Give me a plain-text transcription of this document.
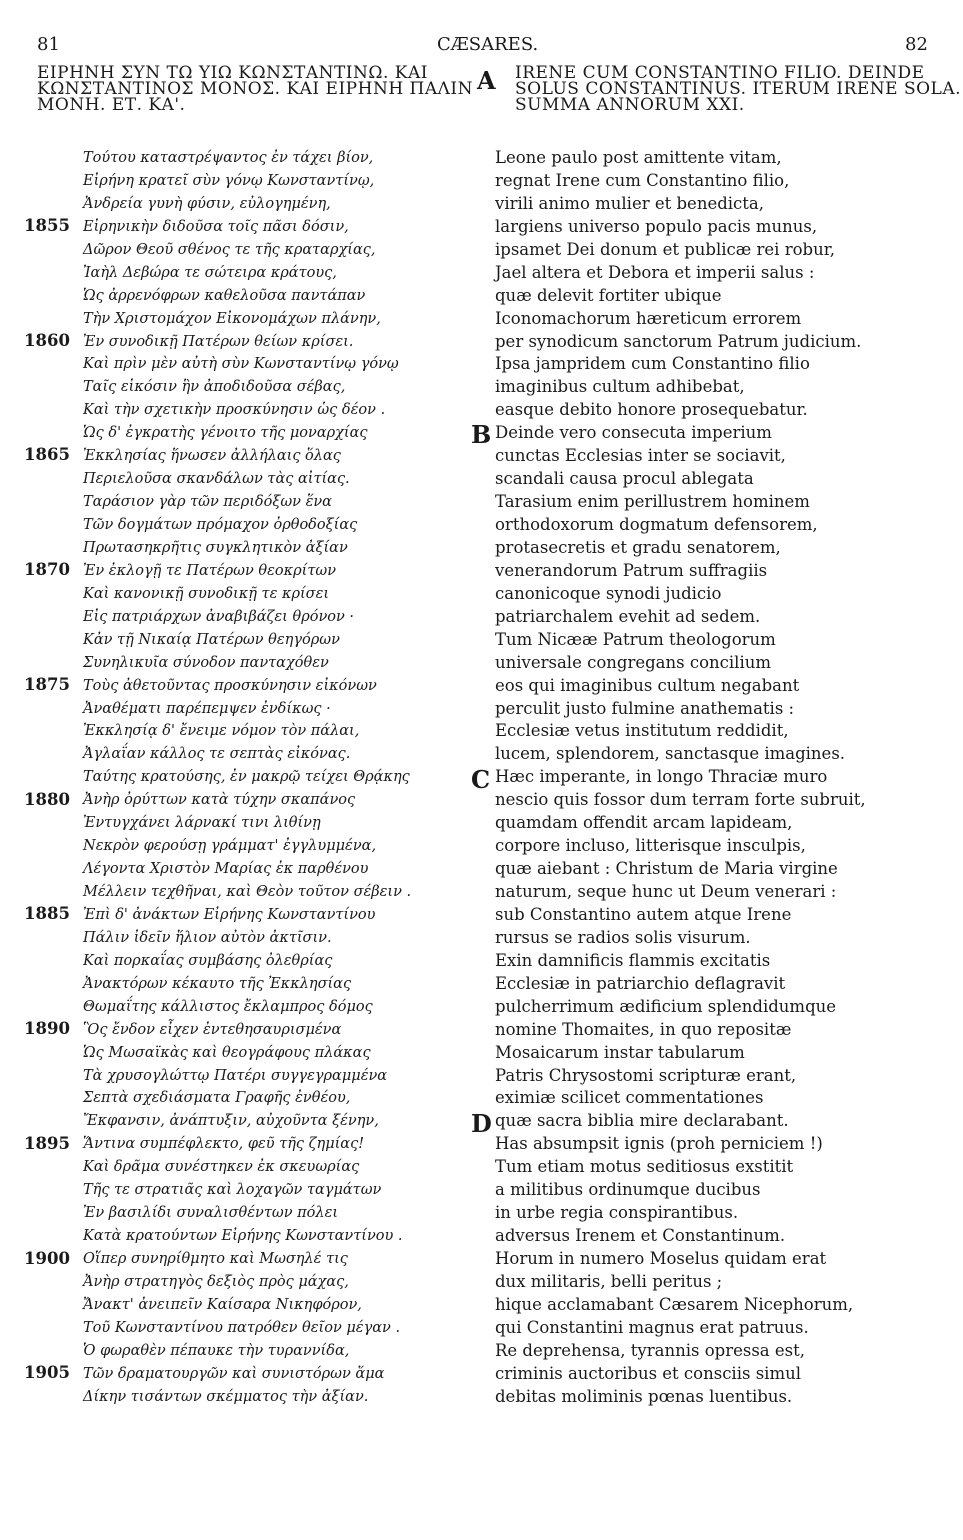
81	CÆSARES.	82
ΕΙΡΗΝΗ ΣΥΝ ΤΩ ΥΙΩ ΚΩΝΣΤΑΝΤΙΝΩ. ΚΑΙ
ΚΩΝΣΤΑΝΤΙΝΟΣ ΜΟΝΟΣ. ΚΑΙ ΕΙΡΗΝΗ ΠΑΛΙΝ
ΜΟΝΗ. ΕΤ. ΚΑ'.
A IRENE CUM CONSTANTINO FILIO. DEINDE
SOLUS CONSTANTINUS. ITERUM IRENE SOLA.
SUMMA ANNORUM XXI.
1855
1860
1865
1870
1875
1880
1885
1890
1895
1900
1905
Τούτου καταστρέψαντος ἐν τάχει βίον,
Εἰρήνη κρατεῖ σὺν γόνῳ Κωνσταντίνῳ,
Ἀνδρεία γυνὴ φύσιν, εὐλογημένη,
Εἰρηνικὴν διδοῦσα τοῖς πᾶσι δόσιν,
Δῶρον Θεοῦ σθένος τε τῆς κραταρχίας,
Ἰαὴλ Δεβώρα τε σώτειρα κράτους,
Ὡς ἀρρενόφρων καθελοῦσα παντάπαν
Τὴν Χριστομάχον Εἰκονομάχων πλάνην,
Ἐν συνοδικῇ Πατέρων θείων κρίσει.
Καὶ πρὶν μὲν αὐτὴ σὺν Κωνσταντίνῳ γόνῳ
Ταῖς εἰκόσιν ἣν ἀποδιδοῦσα σέβας,
Καὶ τὴν σχετικὴν προσκύνησιν ὡς δέον .
Ὡς δ' ἐγκρατὴς γένοιτο τῆς μοναρχίας
Ἐκκλησίας ἥνωσεν ἀλλήλαις ὅλας
Περιελοῦσα σκανδάλων τὰς αἰτίας.
Ταράσιον γὰρ τῶν περιδόξων ἕνα
Τῶν δογμάτων πρόμαχον ὀρθοδοξίας
Πρωτασηκρῆτις συγκλητικὸν ἀξίαν
Ἐν ἐκλογῇ τε Πατέρων θεοκρίτων
Καὶ κανονικῇ συνοδικῇ τε κρίσει
Εἰς πατριάρχων ἀναβιβάζει θρόνον ·
Κἀν τῇ Νικαίᾳ Πατέρων θεηγόρων
Συνηλικυῖα σύνοδον πανταχόθεν
Τοὺς ἀθετοῦντας προσκύνησιν εἰκόνων
Ἀναθέματι παρέπεμψεν ἐνδίκως ·
Ἐκκλησίᾳ δ' ἔνειμε νόμον τὸν πάλαι,
Ἀγλαΐαν κάλλος τε σεπτὰς εἰκόνας.
Ταύτης κρατούσης, ἐν μακρῷ τείχει Θρᾴκης
Ἀνὴρ ὀρύττων κατὰ τύχην σκαπάνος
Ἐντυγχάνει λάρνακί τινι λιθίνῃ
Νεκρὸν φερούσῃ γράμματ' ἐγγλυμμένα,
Λέγοντα Χριστὸν Μαρίας ἐκ παρθένου
Μέλλειν τεχθῆναι, καὶ Θεὸν τοῦτον σέβειν .
Ἐπὶ δ' ἀνάκτων Εἰρήνης Κωνσταντίνου
Πάλιν ἰδεῖν ἥλιον αὐτὸν ἀκτῖσιν.
Καὶ πορκαΐας συμβάσης ὀλεθρίας
Ἀνακτόρων κέκαυτο τῆς Ἐκκλησίας
Θωμαΐτης κάλλιστος ἔκλαμπρος δόμος
Ὃς ἔνδον εἶχεν ἐντεθησαυρισμένα
Ὡς Μωσαϊκὰς καὶ θεογράφους πλάκας
Τὰ χρυσογλώττῳ Πατέρι συγγεγραμμένα
Σεπτὰ σχεδιάσματα Γραφῆς ἐνθέου,
Ἔκφανσιν, ἀνάπτυξιν, αὐχοῦντα ξένην,
Ἅντινα συμπέφλεκτο, φεῦ τῆς ζημίας!
Καὶ δρᾶμα συνέστηκεν ἐκ σκευωρίας
Τῆς τε στρατιᾶς καὶ λοχαγῶν ταγμάτων
Ἐν βασιλίδι συναλισθέντων πόλει
Κατὰ κρατούντων Εἰρήνης Κωνσταντίνου .
Οἵπερ συνηρίθμητο καὶ Μωσηλέ τις
Ἀνὴρ στρατηγὸς δεξιὸς πρὸς μάχας,
Ἄνακτ' ἀνειπεῖν Καίσαρα Νικηφόρον,
Τοῦ Κωνσταντίνου πατρόθεν θεῖον μέγαν .
Ὁ φωραθὲν πέπαυκε τὴν τυραννίδα,
Τῶν δραματουργῶν καὶ συνιστόρων ἅμα
Δίκην τισάντων σκέμματος τὴν ἀξίαν.
Leone paulo post amittente vitam,
regnat Irene cum Constantino filio,
virili animo mulier et benedicta,
largiens universo populo pacis munus,
ipsamet Dei donum et publicæ rei robur,
Jael altera et Debora et imperii salus :
quæ delevit fortiter ubique
Iconomachorum hæreticum errorem
per synodicum sanctorum Patrum judicium.
Ipsa jampridem cum Constantino filio
imaginibus cultum adhibebat,
easque debito honore prosequebatur.
Deinde vero consecuta imperium
cunctas Ecclesias inter se sociavit,
scandali causa procul ablegata
Tarasium enim perillustrem hominem
orthodoxorum dogmatum defensorem,
protasecretis et gradu senatorem,
venerandorum Patrum suffragiis
canonicoque synodi judicio
patriarchalem evehit ad sedem.
Tum Nicææ Patrum theologorum
universale congregans concilium
eos qui imaginibus cultum negabant
perculit justo fulmine anathematis :
Ecclesiæ vetus institutum reddidit,
lucem, splendorem, sanctasque imagines.
Hæc imperante, in longo Thraciæ muro
nescio quis fossor dum terram forte subruit,
quamdam offendit arcam lapideam,
corpore incluso, litterisque insculpis,
quæ aiebant : Christum de Maria virgine
naturum, seque hunc ut Deum venerari :
sub Constantino autem atque Irene
rursus se radios solis visurum.
Exin damnificis flammis excitatis
Ecclesiæ in patriarchio deflagravit
pulcherrimum ædificium splendidumque
nomine Thomaites, in quo repositæ
Mosaicarum instar tabularum
Patris Chrysostomi scripturæ erant,
eximiæ scilicet commentationes
quæ sacra biblia mire declarabant.
Has absumpsit ignis (proh perniciem !)
Tum etiam motus seditiosus exstitit
a militibus ordinumque ducibus
in urbe regia conspirantibus.
adversus Irenem et Constantinum.
Horum in numero Moselus quidam erat
dux militaris, belli peritus ;
hique acclamabant Cæsarem Nicephorum,
qui Constantini magnus erat patruus.
Re deprehensa, tyrannis opressa est,
criminis auctoribus et consciis simul
debitas moliminis pœnas luentibus.
B
C
D
